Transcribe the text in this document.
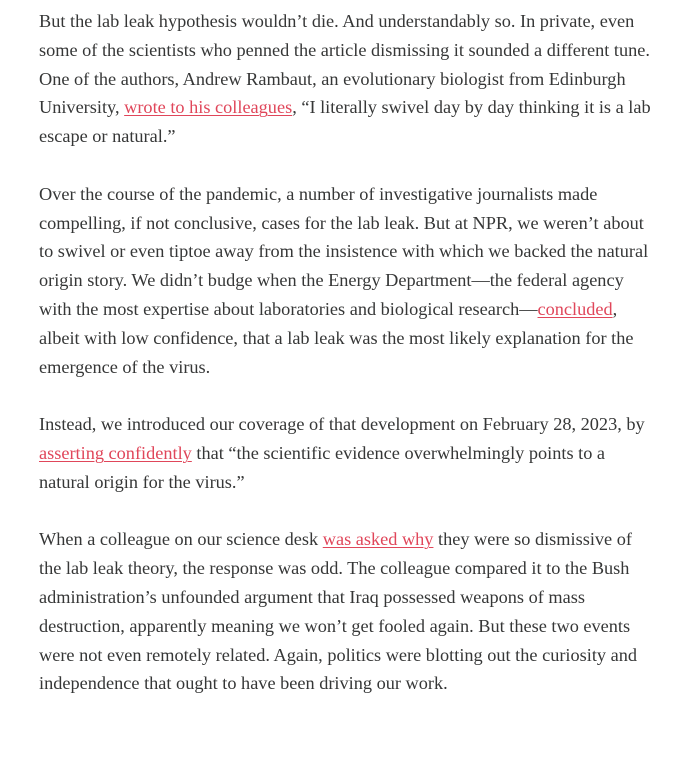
But the lab leak hypothesis wouldn’t die. And understandably so. In private, even some of the scientists who penned the article dismissing it sounded a different tune. One of the authors, Andrew Rambaut, an evolutionary biologist from Edinburgh University, wrote to his colleagues, “I literally swivel day by day thinking it is a lab escape or natural.”

Over the course of the pandemic, a number of investigative journalists made compelling, if not conclusive, cases for the lab leak. But at NPR, we weren’t about to swivel or even tiptoe away from the insistence with which we backed the natural origin story. We didn’t budge when the Energy Department—the federal agency with the most expertise about laboratories and biological research—concluded, albeit with low confidence, that a lab leak was the most likely explanation for the emergence of the virus.

Instead, we introduced our coverage of that development on February 28, 2023, by asserting confidently that “the scientific evidence overwhelmingly points to a natural origin for the virus.”

When a colleague on our science desk was asked why they were so dismissive of the lab leak theory, the response was odd. The colleague compared it to the Bush administration’s unfounded argument that Iraq possessed weapons of mass destruction, apparently meaning we won’t get fooled again. But these two events were not even remotely related. Again, politics were blotting out the curiosity and independence that ought to have been driving our work.
